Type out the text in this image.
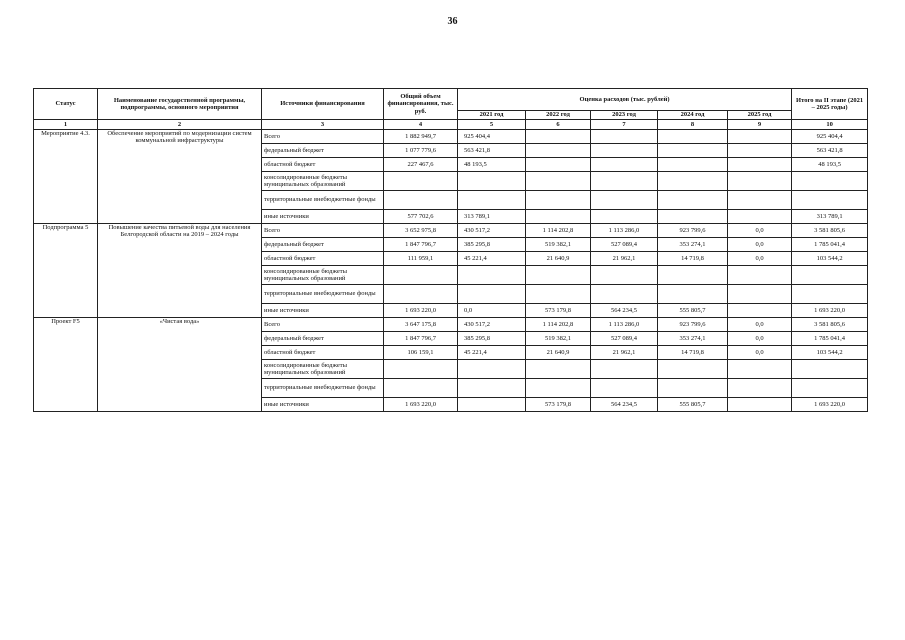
36
Статус	Наименование государственной программы, подпрограммы, основного мероприятия	Источники финансирования	Общий объем финансирования, тыс. руб.	Оценка расходов (тыс. рублей)					Итого на II этапе (2021 – 2025 годы)
				2021 год	2022 год	2023 год	2024 год	2025 год	
1	2	3	4	5	6	7	8	9	10
Мероприятие 4.3.	Обеспечение мероприятий по модернизации систем коммунальной инфраструктуры	Всего	1 882 949,7	925 404,4					925 404,4
		федеральный бюджет	1 077 779,6	563 421,8					563 421,8
		областной бюджет	227 467,6	48 193,5					48 193,5
		консолидированные бюджеты муниципальных образований							
		территориальные внебюджетные фонды							
		иные источники	577 702,6	313 789,1					313 789,1
Подпрограмма 5	Повышение качества питьевой воды для населения Белгородской области на 2019 – 2024 годы	Всего	3 652 975,8	430 517,2	1 114 202,8	1 113 286,0	923 799,6	0,0	3 581 805,6
		федеральный бюджет	1 847 796,7	385 295,8	519 382,1	527 089,4	353 274,1	0,0	1 785 041,4
		областной бюджет	111 959,1	45 221,4	21 640,9	21 962,1	14 719,8	0,0	103 544,2
		консолидированные бюджеты муниципальных образований							
		территориальные внебюджетные фонды							
		иные источники	1 693 220,0	0,0	573 179,8	564 234,5	555 805,7		1 693 220,0
Проект F5	«Чистая вода»	Всего	3 647 175,8	430 517,2	1 114 202,8	1 113 286,0	923 799,6	0,0	3 581 805,6
		федеральный бюджет	1 847 796,7	385 295,8	519 382,1	527 089,4	353 274,1	0,0	1 785 041,4
		областной бюджет	106 159,1	45 221,4	21 640,9	21 962,1	14 719,8	0,0	103 544,2
		консолидированные бюджеты муниципальных образований							
		территориальные внебюджетные фонды							
		иные источники	1 693 220,0		573 179,8	564 234,5	555 805,7		1 693 220,0
